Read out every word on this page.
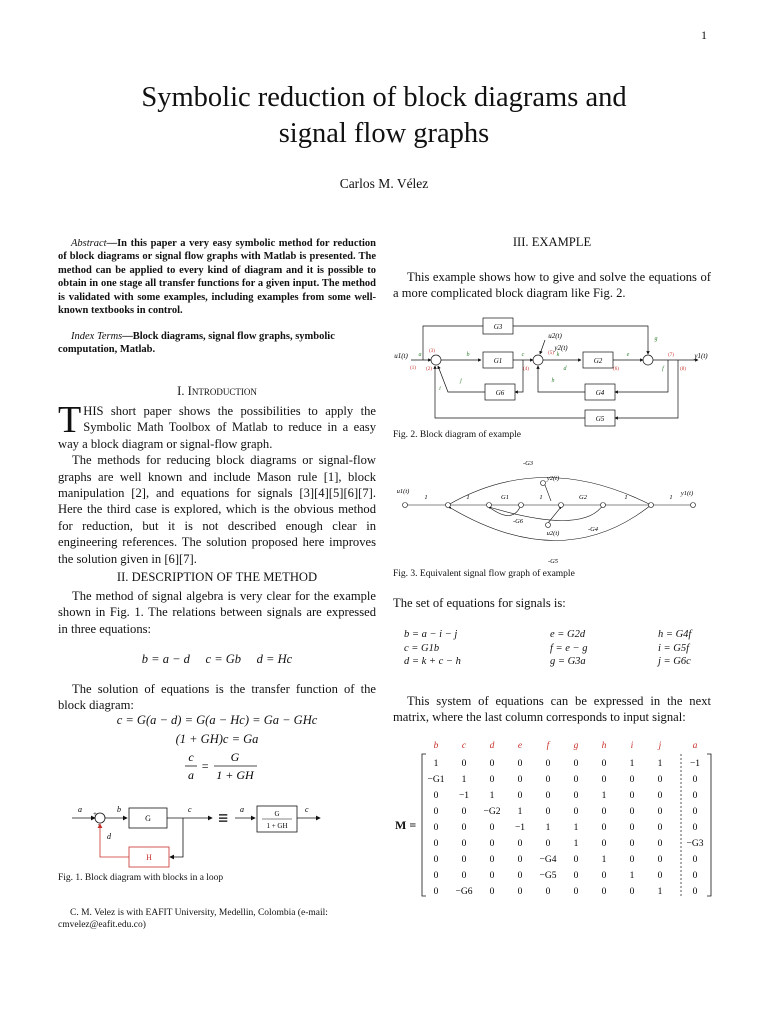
1
Symbolic reduction of block diagrams and
signal flow graphs
Carlos M. Vélez
Abstract—In this paper a very easy symbolic method for reduction of block diagrams or signal flow graphs with Matlab is presented. The method can be applied to every kind of diagram and it is possible to obtain in one stage all transfer functions for a given input. The method is validated with some examples, including examples from some well-known textbooks in control.
Index Terms—Block diagrams, signal flow graphs, symbolic computation, Matlab.
I. Introduction

THIS short paper shows the possibilities to apply the Symbolic Math Toolbox of Matlab to reduce in a easy way a block diagram or signal-flow graph.

The methods for reducing block diagrams or signal-flow graphs are well known and include Mason rule [1], block manipulation [2], and equations for signals [3][4][5][6][7]. Here the third case is explored, which is the obvious method for reduction, but it is not described enough clear in engineering references. The solution proposed here improves the solution given in [6][7].

II. DESCRIPTION OF THE METHOD

The method of signal algebra is very clear for the example shown in Fig. 1. The relations between signals are expressed in three equations:

b = a − d     c = Gb     d = Hc

The solution of equations is the transfer function of the block diagram:

c = G(a − d) = G(a − Hc) = Ga − GHc
(1 + GH)c = Ga
c
a
=
G
1 + GH
a +
-
b
G
c
H
d
≡ a	G
1 + GH
c
Fig. 1. Block diagram with blocks in a loop
C. M. Velez is with EAFIT University, Medellin, Colombia (e-mail: cmvelez@eafit.edu.co)
III. EXAMPLE

This example shows how to give and solve the equations of a more complicated block diagram like Fig. 2.

G3
G1	G2
G6	G4
G5
u1(t)	y1(t)
u2(t)
y2(t)
a	b	c
d
e
f
g
h
i
j
k
(1) (2)
(3)
(4)
(5)
(6)
(7)
(8)
Fig. 2. Block diagram of example
-G3
G1	G2
-G6
-G4
-G5
1	1	1	1	1
u1(t)	y1(t)
u2(t)
y2(t)
Fig. 3. Equivalent signal flow graph of example
The set of equations for signals is:
b = a − i − j	e = G2d	h = G4f
c = G1b	f = e − g	i = G5f
d = k + c − h	g = G3a	j = G6c

This system of equations can be expressed in the next matrix, where the last column corresponds to input signal:

M =
b c d e	f	g h	i	j	a
1 0 0 0 0 0 0 1 1	−1
−G1 1 0 0 0 0 0 0 0	0
0 −1 1 0 0 0 1 0 0	0
0 0 −G2 1 0 0 0 0 0	0
0 0 0 −1 1 1 0 0 0	0
0 0 0 0 0 1 0 0 0	−G3
0 0 0 0 −G4 0 1 0 0	0
0 0 0 0 −G5 0 0 1 0	0
0 −G6 0 0 0 0 0 0 1	0
